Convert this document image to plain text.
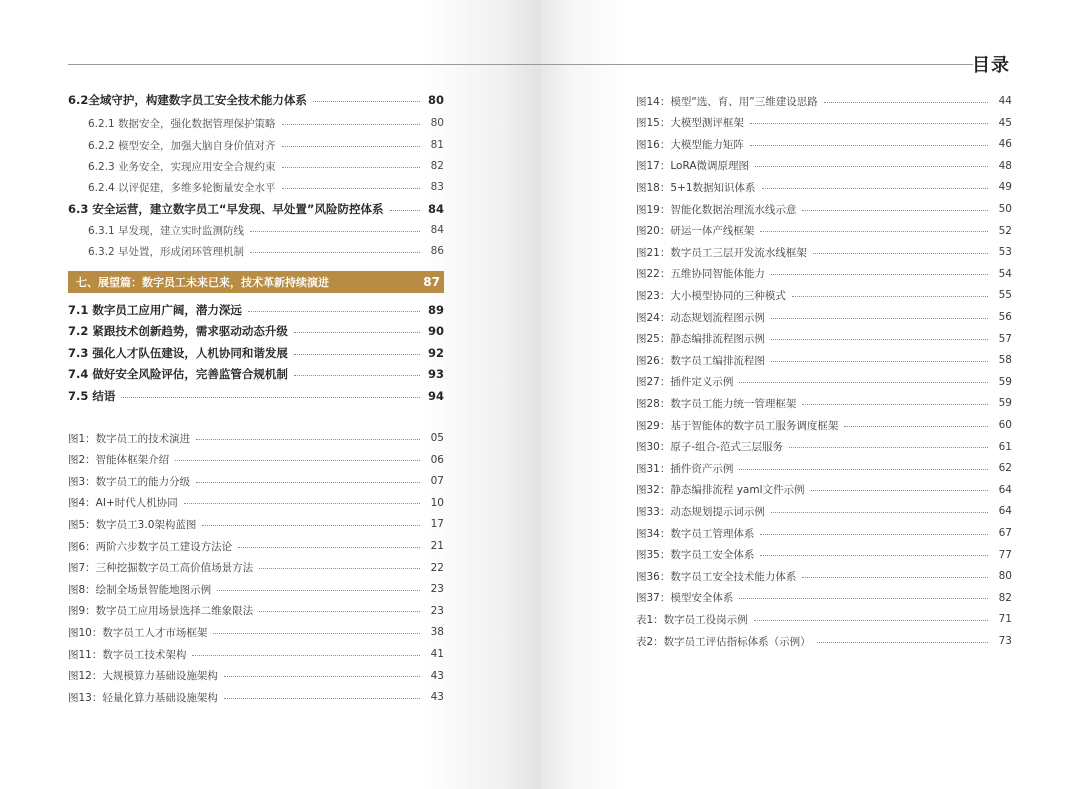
目录
七、展望篇：数字员工未来已来，技术革新持续演进	87
6.2全域守护，构建数字员工安全技术能力体系	80
6.2.1 数据安全，强化数据管理保护策略	80
6.2.2 模型安全，加强大脑自身价值对齐	81
6.2.3 业务安全，实现应用安全合规约束	82
6.2.4 以评促建，多维多轮衡量安全水平	83
6.3 安全运营，建立数字员工“早发现、早处置”风险防控体系	84
6.3.1 早发现，建立实时监测防线	84
6.3.2 早处置，形成闭环管理机制	86
7.1 数字员工应用广阔，潜力深远	89
7.2 紧跟技术创新趋势，需求驱动动态升级	90
7.3 强化人才队伍建设，人机协同和谐发展	92
7.4 做好安全风险评估，完善监管合规机制	93
7.5 结语	94
图1：数字员工的技术演进	05
图2：智能体框架介绍	06
图3：数字员工的能力分级	07
图4：AI+时代人机协同	10
图5：数字员工3.0架构蓝图	17
图6：两阶六步数字员工建设方法论	21
图7：三种挖掘数字员工高价值场景方法	22
图8：绘制全场景智能地图示例	23
图9：数字员工应用场景选择二维象限法	23
图10：数字员工人才市场框架	38
图11：数字员工技术架构	41
图12：大规模算力基础设施架构	43
图13：轻量化算力基础设施架构	43
图14：模型“选、育、用”三维建设思路	44
图15：大模型测评框架	45
图16：大模型能力矩阵	46
图17：LoRA微调原理图	48
图18：5+1数据知识体系	49
图19：智能化数据治理流水线示意	50
图20：研运一体产线框架	52
图21：数字员工三层开发流水线框架	53
图22：五维协同智能体能力	54
图23：大小模型协同的三种模式	55
图24：动态规划流程图示例	56
图25：静态编排流程图示例	57
图26：数字员工编排流程图	58
图27：插件定义示例	59
图28：数字员工能力统一管理框架	59
图29：基于智能体的数字员工服务调度框架	60
图30：原子-组合-范式三层服务	61
图31：插件资产示例	62
图32：静态编排流程 yaml文件示例	64
图33：动态规划提示词示例	64
图34：数字员工管理体系	67
图35：数字员工安全体系	77
图36：数字员工安全技术能力体系	80
图37：模型安全体系	82
表1：数字员工役岗示例	71
表2：数字员工评估指标体系（示例）	73
